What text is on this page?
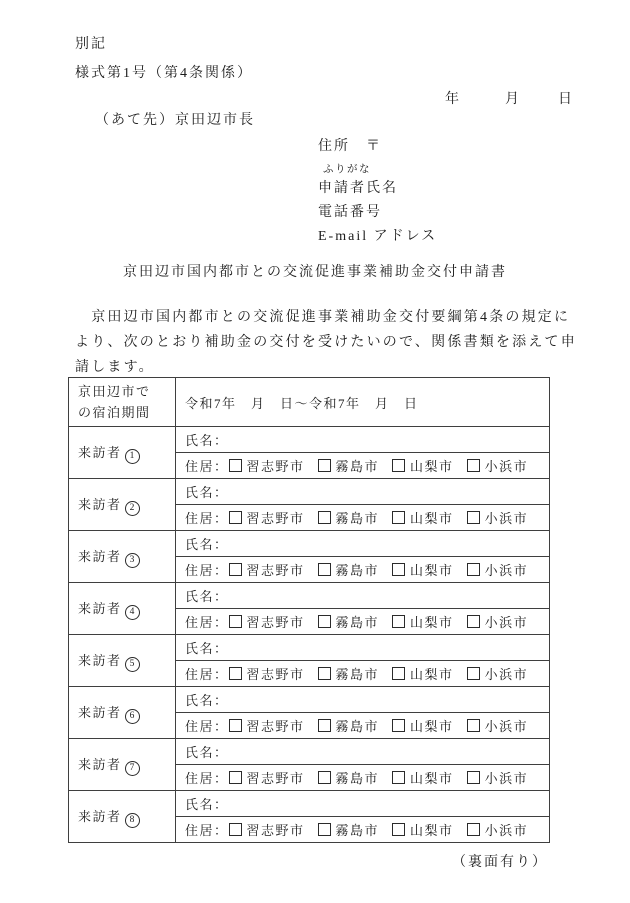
別記
様式第1号（第4条関係）
年	月	日
（あて先）京田辺市長
住所　〒
ふりがな
申請者氏名
電話番号
E-mail アドレス
京田辺市国内都市との交流促進事業補助金交付申請書
　京田辺市国内都市との交流促進事業補助金交付要綱第4条の規定に
より、次のとおり補助金の交付を受けたいので、関係書類を添えて申
請します。
京田辺市で
の宿泊期間	令和7年　月　日～令和7年　月　日
来訪者 1	氏名：
	住居： 習志野市 霧島市 山梨市 小浜市
来訪者 2	氏名：
	住居： 習志野市 霧島市 山梨市 小浜市
来訪者 3	氏名：
	住居： 習志野市 霧島市 山梨市 小浜市
来訪者 4	氏名：
	住居： 習志野市 霧島市 山梨市 小浜市
来訪者 5	氏名：
	住居： 習志野市 霧島市 山梨市 小浜市
来訪者 6	氏名：
	住居： 習志野市 霧島市 山梨市 小浜市
来訪者 7	氏名：
	住居： 習志野市 霧島市 山梨市 小浜市
来訪者 8	氏名：
	住居： 習志野市 霧島市 山梨市 小浜市
（裏面有り）
